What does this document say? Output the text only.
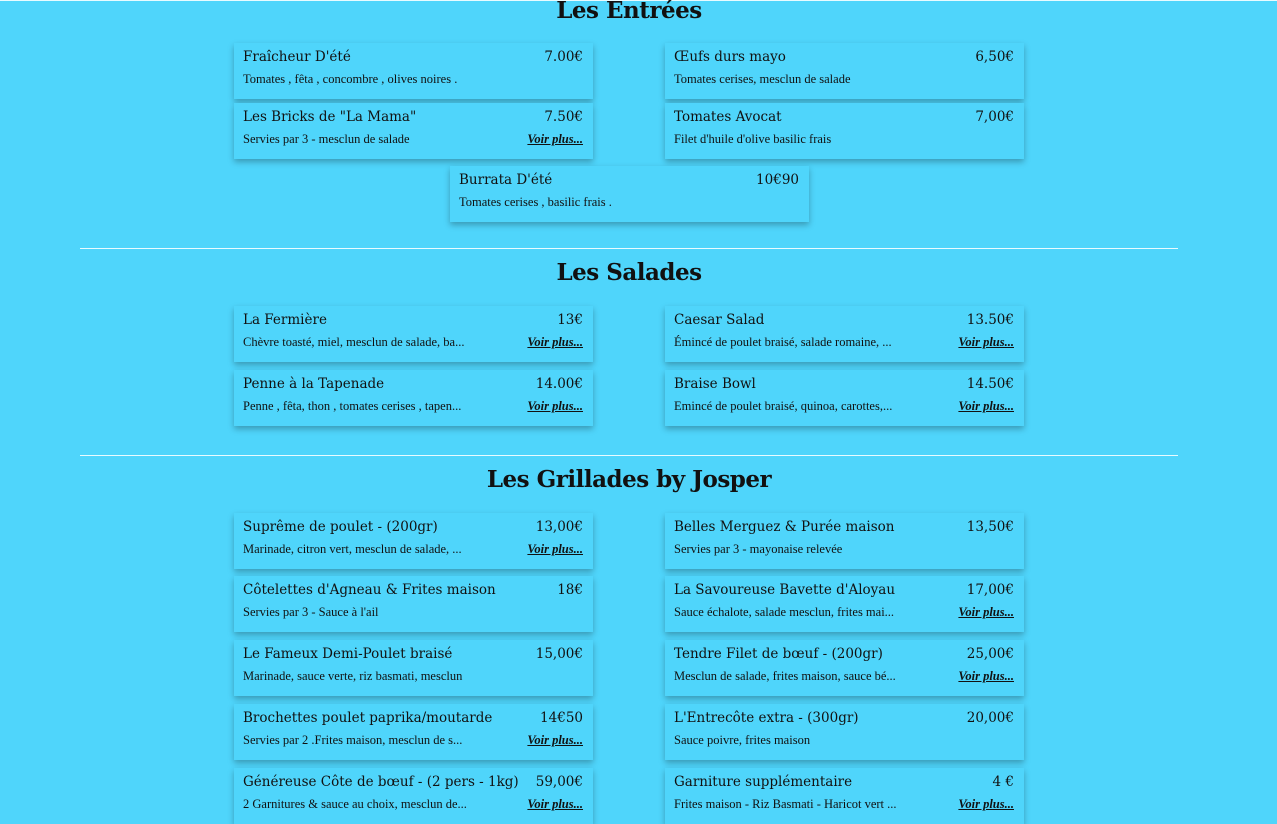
Les Entrées
Fraîcheur D'été	7.00€
Tomates , fêta , concombre , olives noires .
Œufs durs mayo	6,50€
Tomates cerises, mesclun de salade
Les Bricks de "La Mama"	7.50€
Servies par 3 - mesclun de salade	Voir plus...
Tomates Avocat	7,00€
Filet d'huile d'olive basilic frais
Burrata D'été	10€90
Tomates cerises , basilic frais .
Les Salades
La Fermière	13€
Chèvre toasté, miel, mesclun de salade, ba...	Voir plus...
Caesar Salad	13.50€
Émincé de poulet braisé, salade romaine, ...	Voir plus...
Penne à la Tapenade	14.00€
Penne , fêta, thon , tomates cerises , tapen...	Voir plus...
Braise Bowl	14.50€
Emincé de poulet braisé, quinoa, carottes,...	Voir plus...
Les Grillades by Josper
Suprême de poulet - (200gr)	13,00€
Marinade, citron vert, mesclun de salade, ...	Voir plus...
Belles Merguez & Purée maison	13,50€
Servies par 3 - mayonaise relevée
Côtelettes d'Agneau & Frites maison	18€
Servies par 3 - Sauce à l'ail
La Savoureuse Bavette d'Aloyau	17,00€
Sauce échalote, salade mesclun, frites mai...	Voir plus...
Le Fameux Demi-Poulet braisé	15,00€
Marinade, sauce verte, riz basmati, mesclun
Tendre Filet de bœuf - (200gr)	25,00€
Mesclun de salade, frites maison, sauce bé...	Voir plus...
Brochettes poulet paprika/moutarde	14€50
Servies par 2 .Frites maison, mesclun de s...	Voir plus...
L'Entrecôte extra - (300gr)	20,00€
Sauce poivre, frites maison
Généreuse Côte de bœuf - (2 pers - 1kg) 59,00€
2 Garnitures & sauce au choix, mesclun de...	Voir plus...
Garniture supplémentaire	4 €
Frites maison - Riz Basmati - Haricot vert ...	Voir plus...
